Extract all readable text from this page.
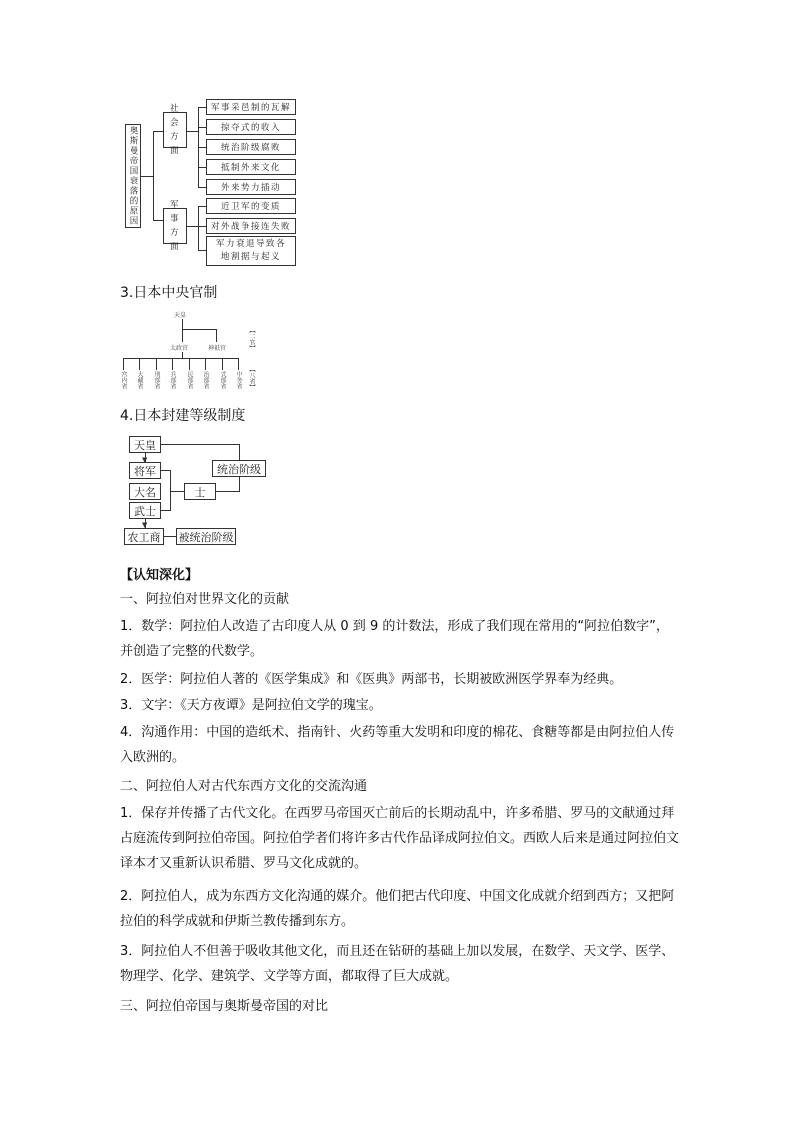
奥斯曼帝国衰落的原因
社会方面
军事方面
军事采邑制的瓦解
掠夺式的收入
统治阶级腐败
抵制外来文化
外来势力插动
近卫军的变质
对外战争接连失败
军力衰退导致各地割据与起义
3.日本中央官制
天皇
太政官	神祇官
宫内省 大藏省 刑部省 兵部省 民部省 治部省 式部省 中务省
【二官】
【八省】
4.日本封建等级制度
天皇
将军
大名
武士
士
统治阶级
农工商	被统治阶级
▼
▼
【认知深化】
一、阿拉伯对世界文化的贡献
1．数学：阿拉伯人改造了古印度人从 0 到 9 的计数法，形成了我们现在常用的“阿拉伯数字”，并创造了完整的代数学。
2．医学：阿拉伯人著的《医学集成》和《医典》两部书，长期被欧洲医学界奉为经典。
3．文字：《天方夜谭》是阿拉伯文学的瑰宝。
4．沟通作用：中国的造纸术、指南针、火药等重大发明和印度的棉花、食糖等都是由阿拉伯人传入欧洲的。
二、阿拉伯人对古代东西方文化的交流沟通
1．保存并传播了古代文化。在西罗马帝国灭亡前后的长期动乱中，许多希腊、罗马的文献通过拜占庭流传到阿拉伯帝国。阿拉伯学者们将许多古代作品译成阿拉伯文。西欧人后来是通过阿拉伯文译本才又重新认识希腊、罗马文化成就的。
2．阿拉伯人，成为东西方文化沟通的媒介。他们把古代印度、中国文化成就介绍到西方；又把阿拉伯的科学成就和伊斯兰教传播到东方。
3．阿拉伯人不但善于吸收其他文化，而且还在钻研的基础上加以发展，在数学、天文学、医学、物理学、化学、建筑学、文学等方面，都取得了巨大成就。
三、阿拉伯帝国与奥斯曼帝国的对比
